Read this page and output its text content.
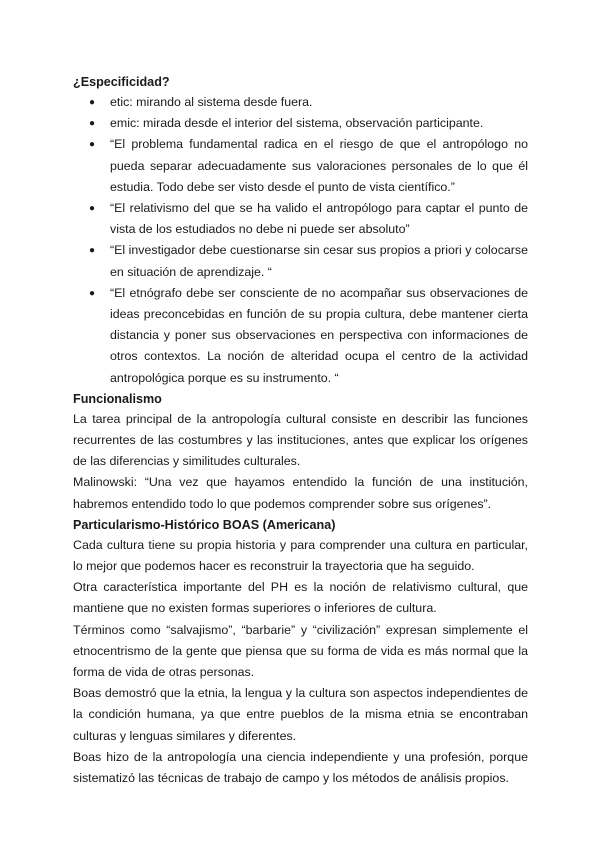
¿Especificidad?

● etic: mirando al sistema desde fuera.
● emic: mirada desde el interior del sistema, observación participante.
● “El problema fundamental radica en el riesgo de que el antropólogo no pueda separar adecuadamente sus valoraciones personales de lo que él estudia. Todo debe ser visto desde el punto de vista científico.”
● “El relativismo del que se ha valido el antropólogo para captar el punto de vista de los estudiados no debe ni puede ser absoluto”
● “El investigador debe cuestionarse sin cesar sus propios a priori y colocarse en situación de aprendizaje. “
● “El etnógrafo debe ser consciente de no acompañar sus observaciones de ideas preconcebidas en función de su propia cultura, debe mantener cierta distancia y poner sus observaciones en perspectiva con informaciones de otros contextos. La noción de alteridad ocupa el centro de la actividad antropológica porque es su instrumento. “

Funcionalismo

La tarea principal de la antropología cultural consiste en describir las funciones recurrentes de las costumbres y las instituciones, antes que explicar los orígenes de las diferencias y similitudes culturales.

Malinowski: “Una vez que hayamos entendido la función de una institución, habremos entendido todo lo que podemos comprender sobre sus orígenes”.

Particularismo-Histórico BOAS (Americana)

Cada cultura tiene su propia historia y para comprender una cultura en particular, lo mejor que podemos hacer es reconstruir la trayectoria que ha seguido.

Otra característica importante del PH es la noción de relativismo cultural, que mantiene que no existen formas superiores o inferiores de cultura.

Términos como “salvajismo”, “barbarie” y “civilización” expresan simplemente el etnocentrismo de la gente que piensa que su forma de vida es más normal que la forma de vida de otras personas.

Boas demostró que la etnia, la lengua y la cultura son aspectos independientes de la condición humana, ya que entre pueblos de la misma etnia se encontraban culturas y lenguas similares y diferentes.

Boas hizo de la antropología una ciencia independiente y una profesión, porque sistematizó las técnicas de trabajo de campo y los métodos de análisis propios.
